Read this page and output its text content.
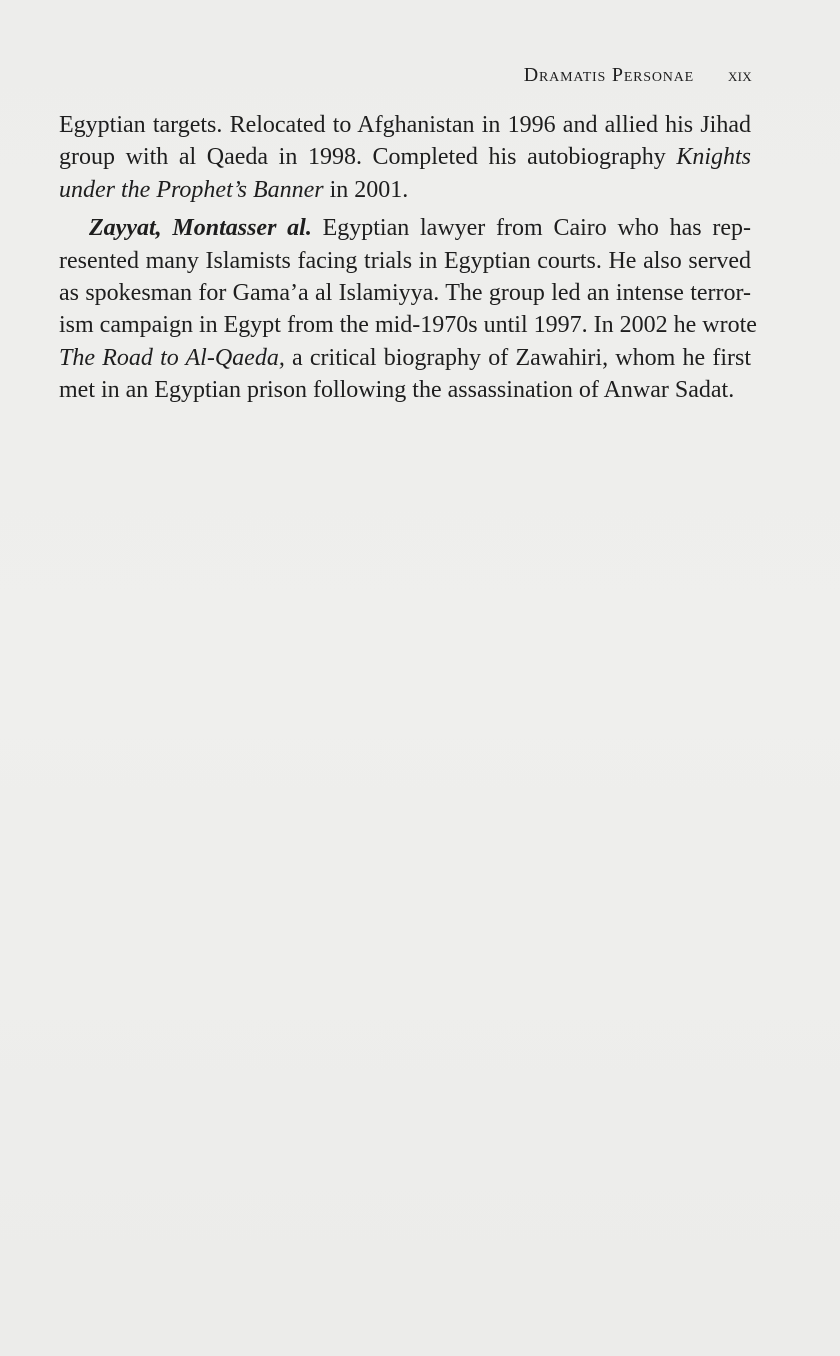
Dramatis Personae xix
Egyptian targets. Relocated to Afghanistan in 1996 and allied his Jihad
group with al Qaeda in 1998. Completed his autobiography Knights
under the Prophet’s Banner in 2001.
Zayyat, Montasser al. Egyptian lawyer from Cairo who has rep-
resented many Islamists facing trials in Egyptian courts. He also served
as spokesman for Gama’a al Islamiyya. The group led an intense terror-
ism campaign in Egypt from the mid-1970s until 1997. In 2002 he wrote
The Road to Al-Qaeda, a critical biography of Zawahiri, whom he first
met in an Egyptian prison following the assassination of Anwar Sadat.
